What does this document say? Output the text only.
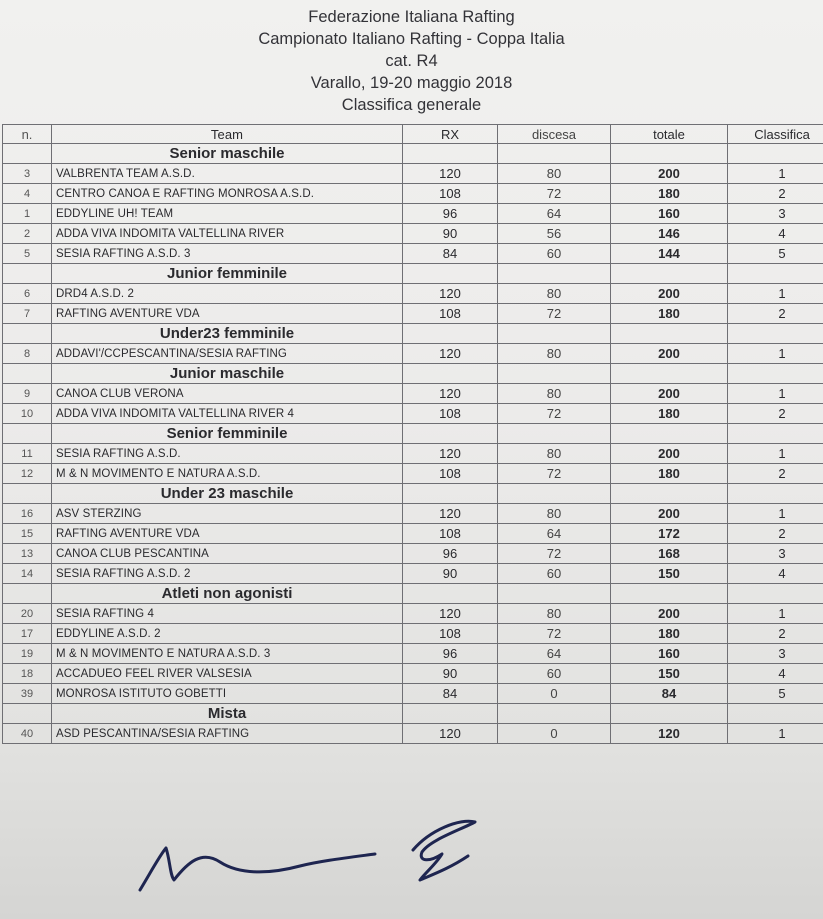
Federazione Italiana Rafting
Campionato Italiano Rafting - Coppa Italia
cat. R4
Varallo, 19-20 maggio 2018
Classifica generale
n.	Team	RX	discesa	totale	Classifica
	Senior maschile				
3	VALBRENTA TEAM A.S.D.	120	80	200	1
4	CENTRO CANOA E RAFTING MONROSA A.S.D.	108	72	180	2
1	EDDYLINE UH! TEAM	96	64	160	3
2	ADDA VIVA INDOMITA VALTELLINA RIVER	90	56	146	4
5	SESIA RAFTING A.S.D. 3	84	60	144	5
	Junior femminile				
6	DRD4 A.S.D. 2	120	80	200	1
7	RAFTING AVENTURE VDA	108	72	180	2
	Under23 femminile				
8	ADDAVI'/CCPESCANTINA/SESIA RAFTING	120	80	200	1
	Junior maschile				
9	CANOA CLUB VERONA	120	80	200	1
10	ADDA VIVA INDOMITA VALTELLINA RIVER 4	108	72	180	2
	Senior femminile				
11	SESIA RAFTING A.S.D.	120	80	200	1
12	M & N MOVIMENTO E NATURA A.S.D.	108	72	180	2
	Under 23 maschile				
16	ASV STERZING	120	80	200	1
15	RAFTING AVENTURE VDA	108	64	172	2
13	CANOA CLUB PESCANTINA	96	72	168	3
14	SESIA RAFTING A.S.D. 2	90	60	150	4
	Atleti non agonisti				
20	SESIA RAFTING 4	120	80	200	1
17	EDDYLINE A.S.D. 2	108	72	180	2
19	M & N MOVIMENTO E NATURA A.S.D. 3	96	64	160	3
18	ACCADUEO FEEL RIVER VALSESIA	90	60	150	4
39	MONROSA ISTITUTO GOBETTI	84	0	84	5
	Mista				
40	ASD PESCANTINA/SESIA RAFTING	120	0	120	1
